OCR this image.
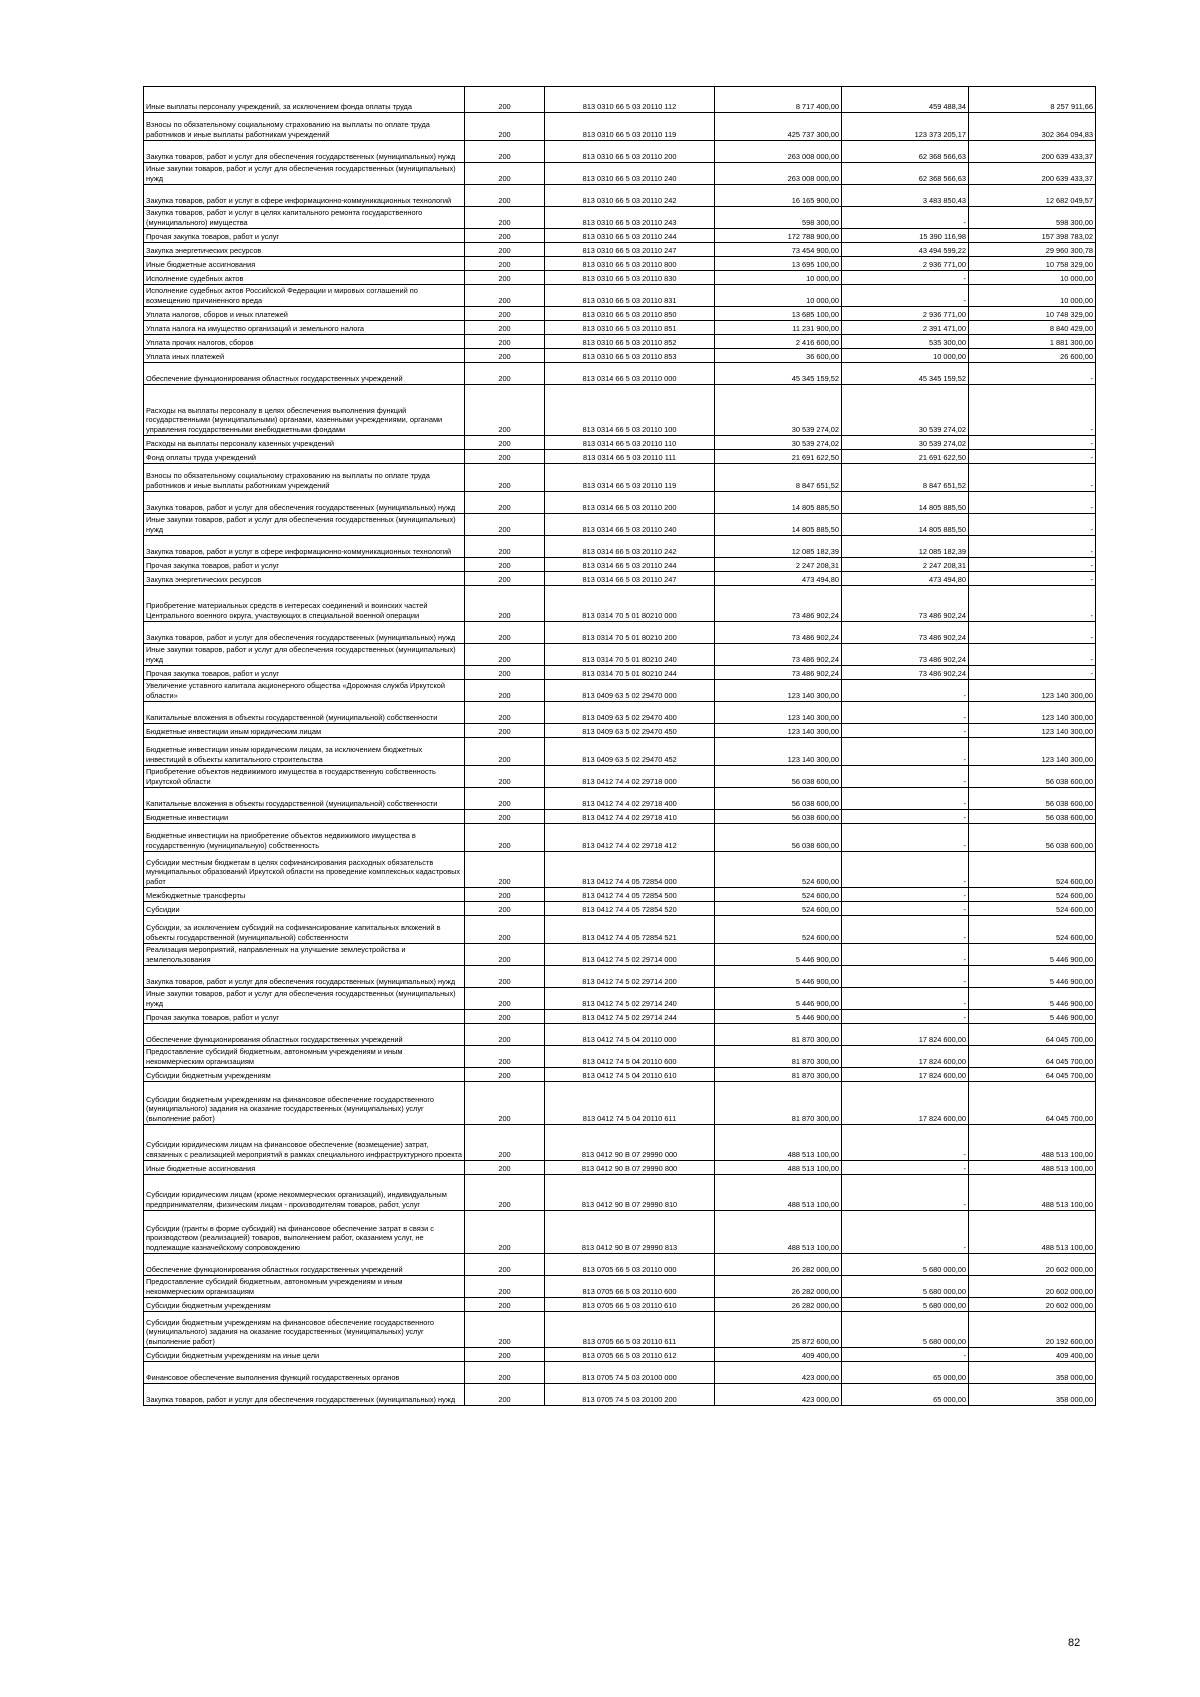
Иные выплаты персоналу учреждений, за исключением фонда оплаты труда	200	813 0310 66 5 03 20110 112	8 717 400,00	459 488,34	8 257 911,66
Взносы по обязательному социальному страхованию на выплаты по оплате труда работников и иные выплаты работникам учреждений	200	813 0310 66 5 03 20110 119	425 737 300,00	123 373 205,17	302 364 094,83
Закупка товаров, работ и услуг для обеспечения государственных (муниципальных) нужд	200	813 0310 66 5 03 20110 200	263 008 000,00	62 368 566,63	200 639 433,37
Иные закупки товаров, работ и услуг для обеспечения государственных (муниципальных) нужд	200	813 0310 66 5 03 20110 240	263 008 000,00	62 368 566,63	200 639 433,37
Закупка товаров, работ и услуг в сфере информационно-коммуникационных технологий	200	813 0310 66 5 03 20110 242	16 165 900,00	3 483 850,43	12 682 049,57
Закупка товаров, работ и услуг в целях капитального ремонта государственного (муниципального) имущества	200	813 0310 66 5 03 20110 243	598 300,00	-	598 300,00
Прочая закупка товаров, работ и услуг	200	813 0310 66 5 03 20110 244	172 788 900,00	15 390 116,98	157 398 783,02
Закупка энергетических ресурсов	200	813 0310 66 5 03 20110 247	73 454 900,00	43 494 599,22	29 960 300,78
Иные бюджетные ассигнования	200	813 0310 66 5 03 20110 800	13 695 100,00	2 936 771,00	10 758 329,00
Исполнение судебных актов	200	813 0310 66 5 03 20110 830	10 000,00	-	10 000,00
Исполнение судебных актов Российской Федерации и мировых соглашений по возмещению причиненного вреда	200	813 0310 66 5 03 20110 831	10 000,00	-	10 000,00
Уплата налогов, сборов и иных платежей	200	813 0310 66 5 03 20110 850	13 685 100,00	2 936 771,00	10 748 329,00
Уплата налога на имущество организаций и земельного налога	200	813 0310 66 5 03 20110 851	11 231 900,00	2 391 471,00	8 840 429,00
Уплата прочих налогов, сборов	200	813 0310 66 5 03 20110 852	2 416 600,00	535 300,00	1 881 300,00
Уплата иных платежей	200	813 0310 66 5 03 20110 853	36 600,00	10 000,00	26 600,00
Обеспечение функционирования областных государственных учреждений	200	813 0314 66 5 03 20110 000	45 345 159,52	45 345 159,52	-
Расходы на выплаты персоналу в целях обеспечения выполнения функций государственными (муниципальными) органами, казенными учреждениями, органами управления государственными внебюджетными фондами	200	813 0314 66 5 03 20110 100	30 539 274,02	30 539 274,02	-
Расходы на выплаты персоналу казенных учреждений	200	813 0314 66 5 03 20110 110	30 539 274,02	30 539 274,02	-
Фонд оплаты труда учреждений	200	813 0314 66 5 03 20110 111	21 691 622,50	21 691 622,50	-
Взносы по обязательному социальному страхованию на выплаты по оплате труда работников и иные выплаты работникам учреждений	200	813 0314 66 5 03 20110 119	8 847 651,52	8 847 651,52	-
Закупка товаров, работ и услуг для обеспечения государственных (муниципальных) нужд	200	813 0314 66 5 03 20110 200	14 805 885,50	14 805 885,50	-
Иные закупки товаров, работ и услуг для обеспечения государственных (муниципальных) нужд	200	813 0314 66 5 03 20110 240	14 805 885,50	14 805 885,50	-
Закупка товаров, работ и услуг в сфере информационно-коммуникационных технологий	200	813 0314 66 5 03 20110 242	12 085 182,39	12 085 182,39	-
Прочая закупка товаров, работ и услуг	200	813 0314 66 5 03 20110 244	2 247 208,31	2 247 208,31	-
Закупка энергетических ресурсов	200	813 0314 66 5 03 20110 247	473 494,80	473 494,80	-
Приобретение материальных средств в интересах соединений и воинских частей Центрального военного округа, участвующих в специальной военной операции	200	813 0314 70 5 01 80210 000	73 486 902,24	73 486 902,24	-
Закупка товаров, работ и услуг для обеспечения государственных (муниципальных) нужд	200	813 0314 70 5 01 80210 200	73 486 902,24	73 486 902,24	-
Иные закупки товаров, работ и услуг для обеспечения государственных (муниципальных) нужд	200	813 0314 70 5 01 80210 240	73 486 902,24	73 486 902,24	-
Прочая закупка товаров, работ и услуг	200	813 0314 70 5 01 80210 244	73 486 902,24	73 486 902,24	-
Увеличение уставного капитала акционерного общества «Дорожная служба Иркутской области»	200	813 0409 63 5 02 29470 000	123 140 300,00	-	123 140 300,00
Капитальные вложения в объекты государственной (муниципальной) собственности	200	813 0409 63 5 02 29470 400	123 140 300,00	-	123 140 300,00
Бюджетные инвестиции иным юридическим лицам	200	813 0409 63 5 02 29470 450	123 140 300,00	-	123 140 300,00
Бюджетные инвестиции иным юридическим лицам, за исключением бюджетных инвестиций в объекты капитального строительства	200	813 0409 63 5 02 29470 452	123 140 300,00	-	123 140 300,00
Приобретение объектов недвижимого имущества в государственную собственность Иркутской области	200	813 0412 74 4 02 29718 000	56 038 600,00	-	56 038 600,00
Капитальные вложения в объекты государственной (муниципальной) собственности	200	813 0412 74 4 02 29718 400	56 038 600,00	-	56 038 600,00
Бюджетные инвестиции	200	813 0412 74 4 02 29718 410	56 038 600,00	-	56 038 600,00
Бюджетные инвестиции на приобретение объектов недвижимого имущества в государственную (муниципальную) собственность	200	813 0412 74 4 02 29718 412	56 038 600,00	-	56 038 600,00
Субсидии местным бюджетам в целях софинансирования расходных обязательств муниципальных образований Иркутской области на проведение комплексных кадастровых работ	200	813 0412 74 4 05 72854 000	524 600,00	-	524 600,00
Межбюджетные трансферты	200	813 0412 74 4 05 72854 500	524 600,00	-	524 600,00
Субсидии	200	813 0412 74 4 05 72854 520	524 600,00	-	524 600,00
Субсидии, за исключением субсидий на софинансирование капитальных вложений в объекты государственной (муниципальной) собственности	200	813 0412 74 4 05 72854 521	524 600,00	-	524 600,00
Реализация мероприятий, направленных на улучшение землеустройства и землепользования	200	813 0412 74 5 02 29714 000	5 446 900,00	-	5 446 900,00
Закупка товаров, работ и услуг для обеспечения государственных (муниципальных) нужд	200	813 0412 74 5 02 29714 200	5 446 900,00	-	5 446 900,00
Иные закупки товаров, работ и услуг для обеспечения государственных (муниципальных) нужд	200	813 0412 74 5 02 29714 240	5 446 900,00	-	5 446 900,00
Прочая закупка товаров, работ и услуг	200	813 0412 74 5 02 29714 244	5 446 900,00	-	5 446 900,00
Обеспечение функционирования областных государственных учреждений	200	813 0412 74 5 04 20110 000	81 870 300,00	17 824 600,00	64 045 700,00
Предоставление субсидий бюджетным, автономным учреждениям и иным некоммерческим организациям	200	813 0412 74 5 04 20110 600	81 870 300,00	17 824 600,00	64 045 700,00
Субсидии бюджетным учреждениям	200	813 0412 74 5 04 20110 610	81 870 300,00	17 824 600,00	64 045 700,00
Субсидии бюджетным учреждениям на финансовое обеспечение государственного (муниципального) задания на оказание государственных (муниципальных) услуг (выполнение работ)	200	813 0412 74 5 04 20110 611	81 870 300,00	17 824 600,00	64 045 700,00
Субсидии юридическим лицам на финансовое обеспечение (возмещение) затрат, связанных с реализацией мероприятий в рамках специального инфраструктурного проекта	200	813 0412 90 В 07 29990 000	488 513 100,00	-	488 513 100,00
Иные бюджетные ассигнования	200	813 0412 90 В 07 29990 800	488 513 100,00	-	488 513 100,00
Субсидии юридическим лицам (кроме некоммерческих организаций), индивидуальным предпринимателям, физическим лицам - производителям товаров, работ, услуг	200	813 0412 90 В 07 29990 810	488 513 100,00	-	488 513 100,00
Субсидии (гранты в форме субсидий) на финансовое обеспечение затрат в связи с производством (реализацией) товаров, выполнением работ, оказанием услуг, не подлежащие казначейскому сопровождению	200	813 0412 90 В 07 29990 813	488 513 100,00	-	488 513 100,00
Обеспечение функционирования областных государственных учреждений	200	813 0705 66 5 03 20110 000	26 282 000,00	5 680 000,00	20 602 000,00
Предоставление субсидий бюджетным, автономным учреждениям и иным некоммерческим организациям	200	813 0705 66 5 03 20110 600	26 282 000,00	5 680 000,00	20 602 000,00
Субсидии бюджетным учреждениям	200	813 0705 66 5 03 20110 610	26 282 000,00	5 680 000,00	20 602 000,00
Субсидии бюджетным учреждениям на финансовое обеспечение государственного (муниципального) задания на оказание государственных (муниципальных) услуг (выполнение работ)	200	813 0705 66 5 03 20110 611	25 872 600,00	5 680 000,00	20 192 600,00
Субсидии бюджетным учреждениям на иные цели	200	813 0705 66 5 03 20110 612	409 400,00	-	409 400,00
Финансовое обеспечение выполнения функций государственных органов	200	813 0705 74 5 03 20100 000	423 000,00	65 000,00	358 000,00
Закупка товаров, работ и услуг для обеспечения государственных (муниципальных) нужд	200	813 0705 74 5 03 20100 200	423 000,00	65 000,00	358 000,00
82
